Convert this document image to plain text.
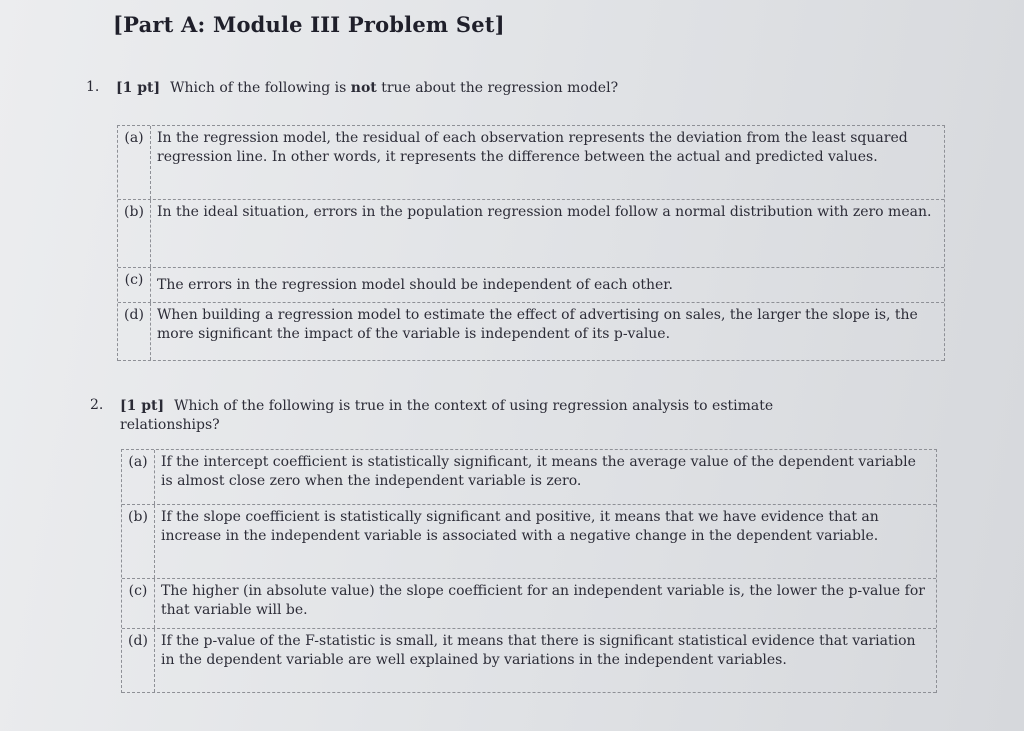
[Part A: Module III Problem Set]
1. [1 pt] Which of the following is not true about the regression model?
(a) In the regression model, the residual of each observation represents the deviation from the least squared regression line. In other words, it represents the difference between the actual and predicted values.
(b) In the ideal situation, errors in the population regression model follow a normal distribution with zero mean.
(c) The errors in the regression model should be independent of each other.
(d) When building a regression model to estimate the effect of advertising on sales, the larger the slope is, the more significant the impact of the variable is independent of its p-value.
2. [1 pt] Which of the following is true in the context of using regression analysis to estimate relationships?
(a) If the intercept coefficient is statistically significant, it means the average value of the dependent variable is almost close zero when the independent variable is zero.
(b) If the slope coefficient is statistically significant and positive, it means that we have evidence that an increase in the independent variable is associated with a negative change in the dependent variable.
(c) The higher (in absolute value) the slope coefficient for an independent variable is, the lower the p-value for that variable will be.
(d) If the p-value of the F-statistic is small, it means that there is significant statistical evidence that variation in the dependent variable are well explained by variations in the independent variables.
